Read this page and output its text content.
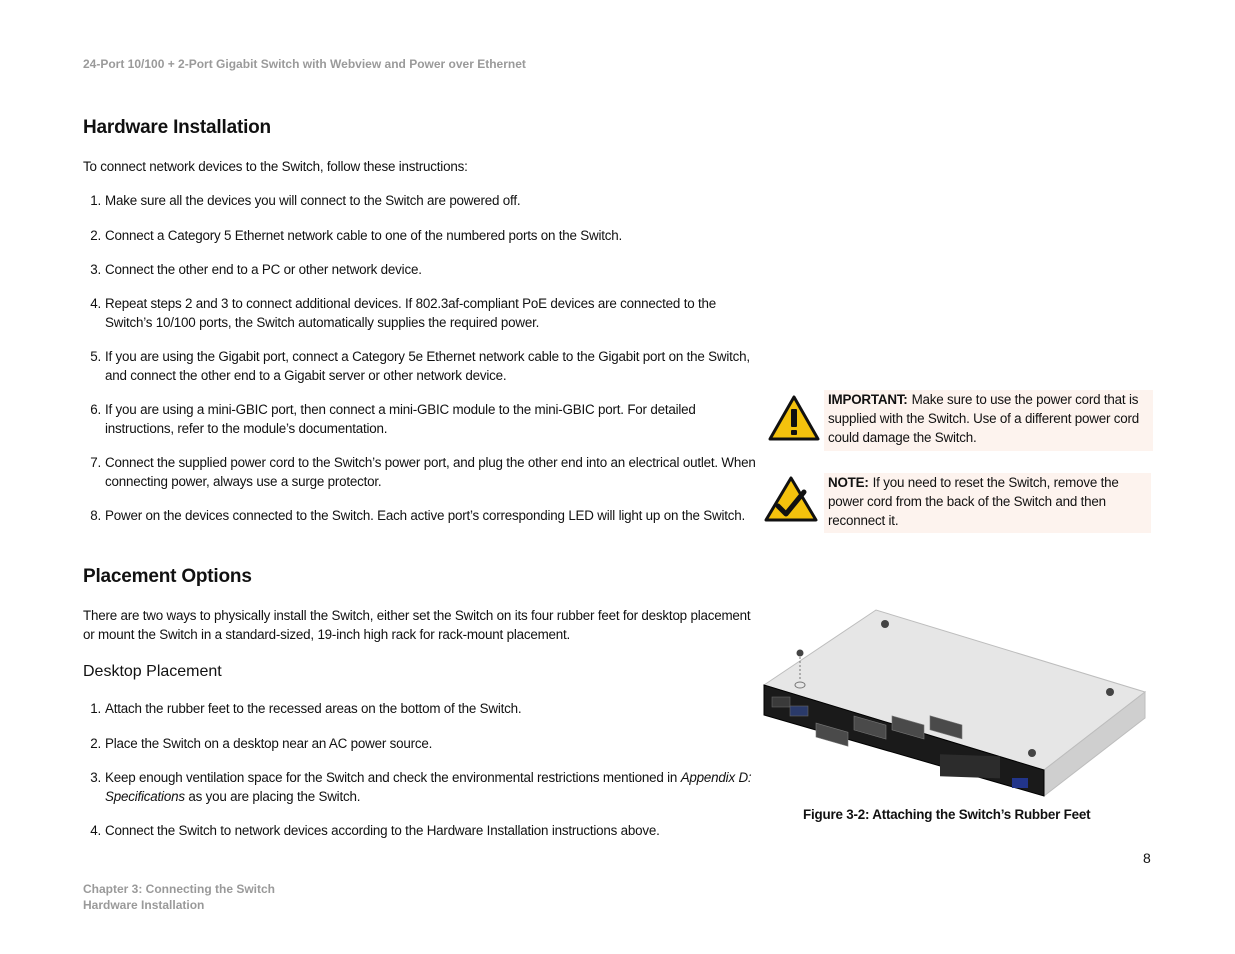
24-Port 10/100 + 2-Port Gigabit Switch with Webview and Power over Ethernet
Hardware Installation
To connect network devices to the Switch, follow these instructions:
1. Make sure all the devices you will connect to the Switch are powered off.
2. Connect a Category 5 Ethernet network cable to one of the numbered ports on the Switch.
3. Connect the other end to a PC or other network device.
4. Repeat steps 2 and 3 to connect additional devices. If 802.3af-compliant PoE devices are connected to the Switch’s 10/100 ports, the Switch automatically supplies the required power.
5. If you are using the Gigabit port, connect a Category 5e Ethernet network cable to the Gigabit port on the Switch, and connect the other end to a Gigabit server or other network device.
6. If you are using a mini-GBIC port, then connect a mini-GBIC module to the mini-GBIC port. For detailed instructions, refer to the module’s documentation.
7. Connect the supplied power cord to the Switch’s power port, and plug the other end into an electrical outlet. When connecting power, always use a surge protector.
8. Power on the devices connected to the Switch. Each active port’s corresponding LED will light up on the Switch.
Placement Options
There are two ways to physically install the Switch, either set the Switch on its four rubber feet for desktop placement or mount the Switch in a standard-sized, 19-inch high rack for rack-mount placement.
Desktop Placement
1. Attach the rubber feet to the recessed areas on the bottom of the Switch.
2. Place the Switch on a desktop near an AC power source.
3. Keep enough ventilation space for the Switch and check the environmental restrictions mentioned in Appendix D: Specifications as you are placing the Switch.
4. Connect the Switch to network devices according to the Hardware Installation instructions above.
IMPORTANT: Make sure to use the power cord that is supplied with the Switch. Use of a different power cord could damage the Switch.
NOTE: If you need to reset the Switch, remove the power cord from the back of the Switch and then reconnect it.
Figure 3-2: Attaching the Switch’s Rubber Feet
8
Chapter 3: Connecting the Switch
Hardware Installation
